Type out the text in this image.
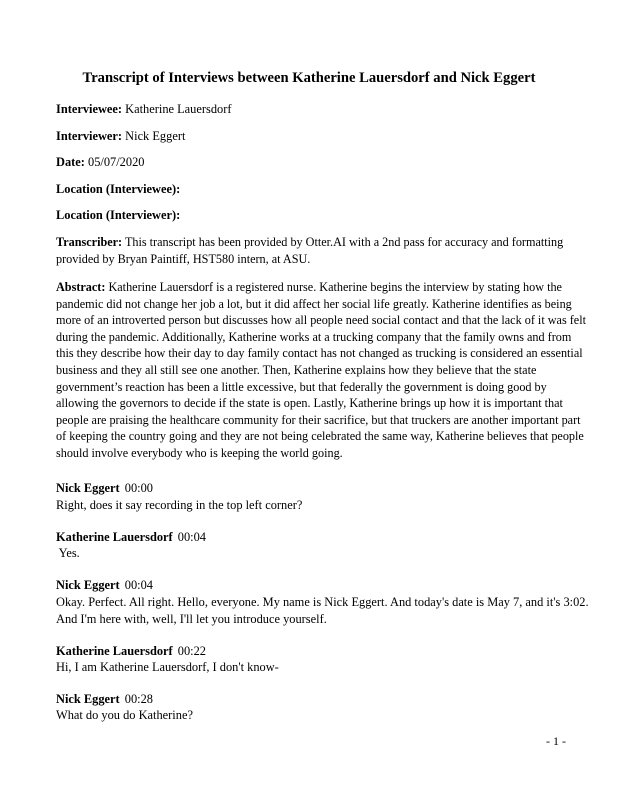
Transcript of Interviews between Katherine Lauersdorf and Nick Eggert
Interviewee: Katherine Lauersdorf
Interviewer: Nick Eggert
Date: 05/07/2020
Location (Interviewee):
Location (Interviewer):
Transcriber: This transcript has been provided by Otter.AI with a 2nd pass for accuracy and formatting provided by Bryan Paintiff, HST580 intern, at ASU.
Abstract: Katherine Lauersdorf is a registered nurse. Katherine begins the interview by stating how the pandemic did not change her job a lot, but it did affect her social life greatly. Katherine identifies as being more of an introverted person but discusses how all people need social contact and that the lack of it was felt during the pandemic. Additionally, Katherine works at a trucking company that the family owns and from this they describe how their day to day family contact has not changed as trucking is considered an essential business and they all still see one another. Then, Katherine explains how they believe that the state government’s reaction has been a little excessive, but that federally the government is doing good by allowing the governors to decide if the state is open. Lastly, Katherine brings up how it is important that people are praising the healthcare community for their sacrifice, but that truckers are another important part of keeping the country going and they are not being celebrated the same way, Katherine believes that people should involve everybody who is keeping the world going.
Nick Eggert 00:00
Right, does it say recording in the top left corner?
Katherine Lauersdorf 00:04
Yes.
Nick Eggert 00:04
Okay. Perfect. All right. Hello, everyone. My name is Nick Eggert. And today's date is May 7, and it's 3:02. And I'm here with, well, I'll let you introduce yourself.
Katherine Lauersdorf 00:22
Hi, I am Katherine Lauersdorf, I don't know-
Nick Eggert 00:28
What do you do Katherine?
- 1 -
